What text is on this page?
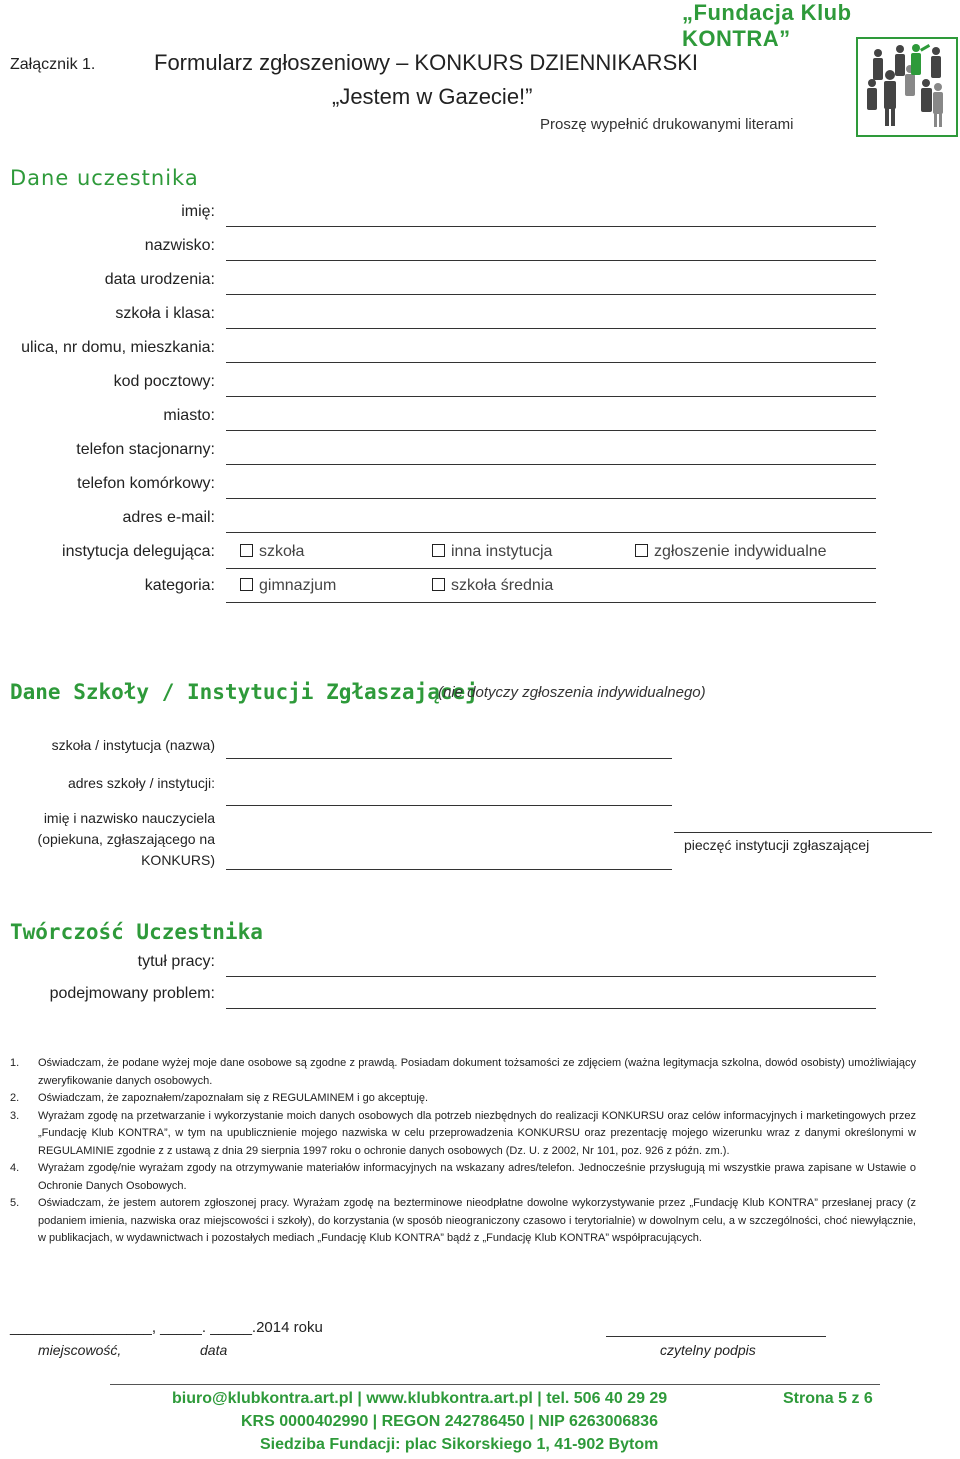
Załącznik 1.	Formularz zgłoszeniowy – KONKURS DZIENNIKARSKI
„Jestem w Gazecie!”
Proszę wypełnić drukowanymi literami
„Fundacja Klub KONTRA”
Dane uczestnika
imię:
nazwisko:
data urodzenia:
szkoła i klasa:
ulica, nr domu, mieszkania:
kod pocztowy:
miasto:
telefon stacjonarny:
telefon komórkowy:
adres e-mail:
instytucja delegująca:	szkoła	inna instytucja	zgłoszenie indywidualne
kategoria:	gimnazjum	szkoła średnia
Dane Szkoły / Instytucji Zgłaszającej
(nie dotyczy zgłoszenia indywidualnego)
szkoła / instytucja (nazwa)
adres szkoły / instytucji:
imię i nazwisko nauczyciela
(opiekuna, zgłaszającego na
KONKURS)
pieczęć instytucji zgłaszającej
Twórczość Uczestnika
tytuł pracy:
podejmowany problem:
1. Oświadczam, że podane wyżej moje dane osobowe są zgodne z prawdą. Posiadam dokument tożsamości ze zdjęciem (ważna legitymacja szkolna, dowód osobisty) umożliwiający zweryfikowanie danych osobowych.
2. Oświadczam, że zapoznałem/zapoznałam się z REGULAMINEM i go akceptuję.
3. Wyrażam zgodę na przetwarzanie i wykorzystanie moich danych osobowych dla potrzeb niezbędnych do realizacji KONKURSU oraz celów informacyjnych i marketingowych przez „Fundację Klub KONTRA”, w tym na upublicznienie mojego nazwiska w celu przeprowadzenia KONKURSU oraz prezentację mojego wizerunku wraz z danymi określonymi w REGULAMINIE zgodnie z z ustawą z dnia 29 sierpnia 1997 roku o ochronie danych osobowych (Dz. U. z 2002, Nr 101, poz. 926 z późn. zm.).
4. Wyrażam zgodę/nie wyrażam zgody na otrzymywanie materiałów informacyjnych na wskazany adres/telefon. Jednocześnie przysługują mi wszystkie prawa zapisane w Ustawie o Ochronie Danych Osobowych.
5. Oświadczam, że jestem autorem zgłoszonej pracy. Wyrażam zgodę na bezterminowe nieodpłatne dowolne wykorzystywanie przez „Fundację Klub KONTRA” przesłanej pracy (z podaniem imienia, nazwiska oraz miejscowości i szkoły), do korzystania (w sposób nieograniczony czasowo i terytorialnie) w dowolnym celu, a w szczególności, choć niewyłącznie, w publikacjach, w wydawnictwach i pozostałych mediach „Fundację Klub KONTRA” bądź z „Fundację Klub KONTRA” współpracujących.
_________________, _____. _____.2014 roku
miejscowość,	data	czytelny podpis
biuro@klubkontra.art.pl | www.klubkontra.art.pl | tel. 506 40 29 29	Strona 5 z 6
KRS 0000402990 | REGON 242786450 | NIP 6263006836
Siedziba Fundacji: plac Sikorskiego 1, 41-902 Bytom
